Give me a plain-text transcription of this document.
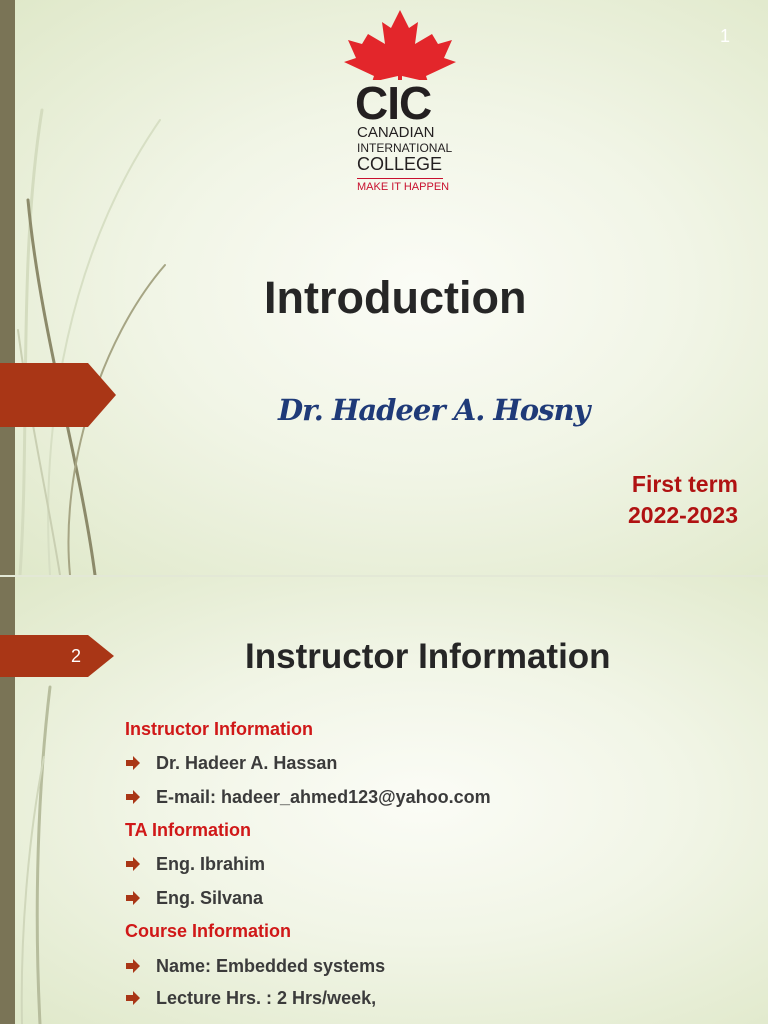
1
CIC
CANADIAN
INTERNATIONAL
COLLEGE
MAKE IT HAPPEN
Introduction
Dr. Hadeer A. Hosny
First term
2022-2023
2	Instructor Information
Instructor Information
Dr. Hadeer A. Hassan
E-mail: hadeer_ahmed123@yahoo.com
TA Information
Eng. Ibrahim
Eng. Silvana
Course Information
Name: Embedded systems
Lecture Hrs. : 2 Hrs/week,
